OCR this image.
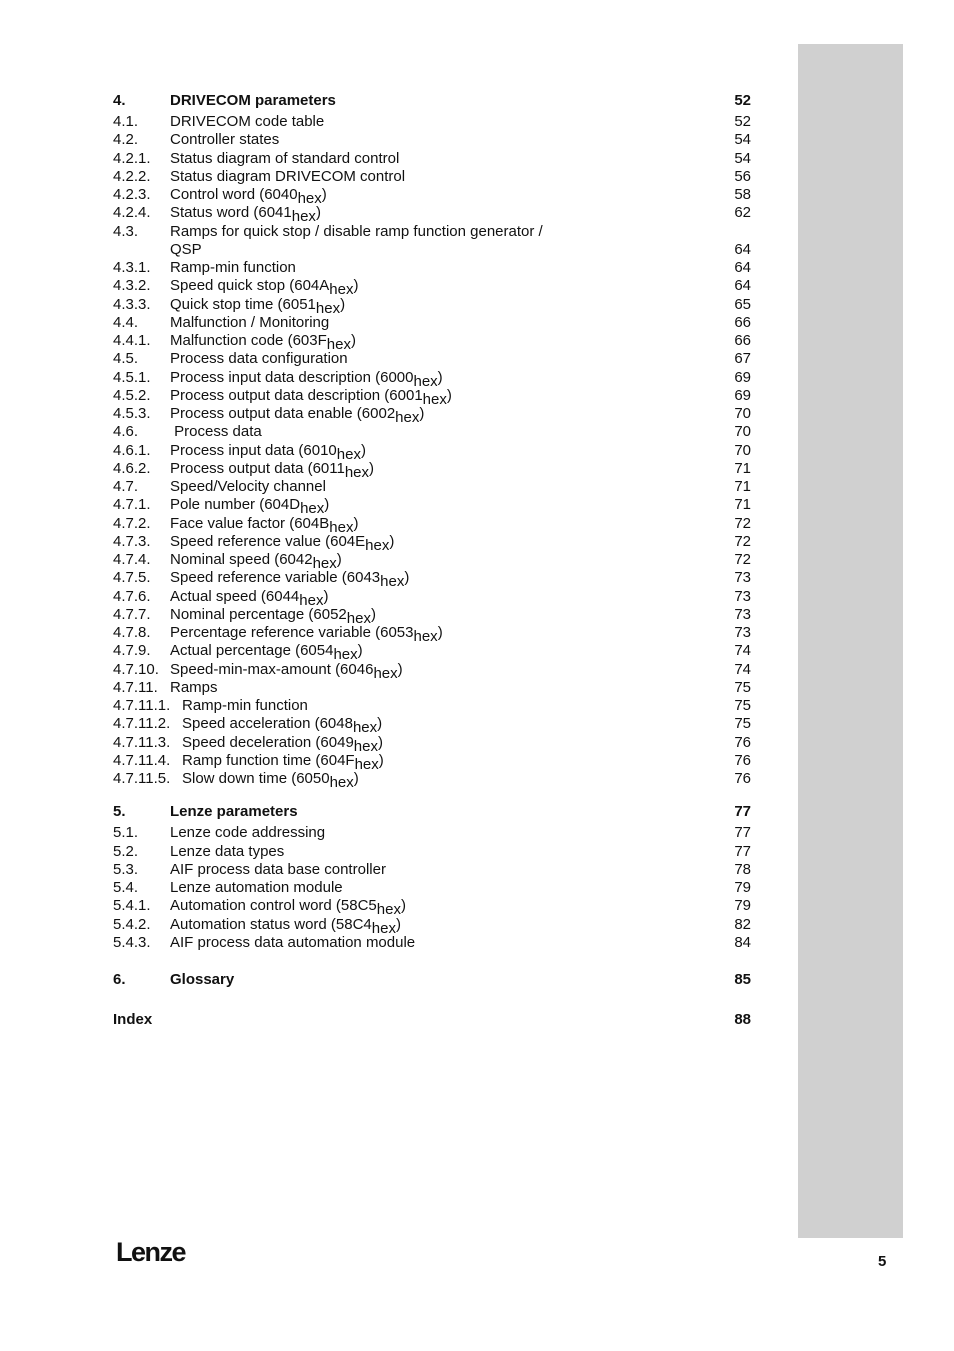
4.	DRIVECOM parameters	52
4.1.	DRIVECOM code table	52
4.2.	Controller states	54
4.2.1.	Status diagram of standard control	54
4.2.2.	Status diagram DRIVECOM control	56
4.2.3.	Control word $(6040_{hex})$	58
4.2.4.	Status word $(6041_{hex})$	62
4.3.	Ramps for quick stop / disable ramp function generator /
QSP	64
4.3.1.	Ramp-min function	64
4.3.2.	Speed quick stop $(604A_{hex})$	64
4.3.3.	Quick stop time $(6051_{hex})$	65
4.4.	Malfunction / Monitoring	66
4.4.1.	Malfunction code $(603F_{hex})$	66
4.5.	Process data configuration	67
4.5.1.	Process input data description $(6000_{hex})$	69
4.5.2.	Process output data description $(6001_{hex})$	69
4.5.3.	Process output data enable $(6002_{hex})$	70
4.6.	Process data	70
4.6.1.	Process input data $(6010_{hex})$	70
4.6.2.	Process output data $(6011_{hex})$	71
4.7.	Speed/Velocity channel	71
4.7.1.	Pole number $(604D_{hex})$	71
4.7.2.	Face value factor $(604B_{hex})$	72
4.7.3.	Speed reference value $(604E_{hex})$	72
4.7.4.	Nominal speed $(6042_{hex})$	72
4.7.5.	Speed reference variable $(6043_{hex})$	73
4.7.6.	Actual speed $(6044_{hex})$	73
4.7.7.	Nominal percentage $(6052_{hex})$	73
4.7.8.	Percentage reference variable $(6053_{hex})$	73
4.7.9.	Actual percentage $(6054_{hex})$	74
4.7.10. Speed-min-max-amount $(6046_{hex})$	74
4.7.11. Ramps	75
4.7.11.1. Ramp-min function	75
4.7.11.2. Speed acceleration $(6048_{hex})$	75
4.7.11.3. Speed deceleration $(6049_{hex})$	76
4.7.11.4. Ramp function time $(604F_{hex})$	76
4.7.11.5. Slow down time $(6050_{hex})$	76
5.	Lenze parameters	77
5.1.	Lenze code addressing	77
5.2.	Lenze data types	77
5.3.	AIF process data base controller	78
5.4.	Lenze automation module	79
5.4.1.	Automation control word $(58C5_{hex})$	79
5.4.2.	Automation status word $(58C4_{hex})$	82
5.4.3.	AIF process data automation module	84
6.	Glossary	85
Index	88
Lenze	5
